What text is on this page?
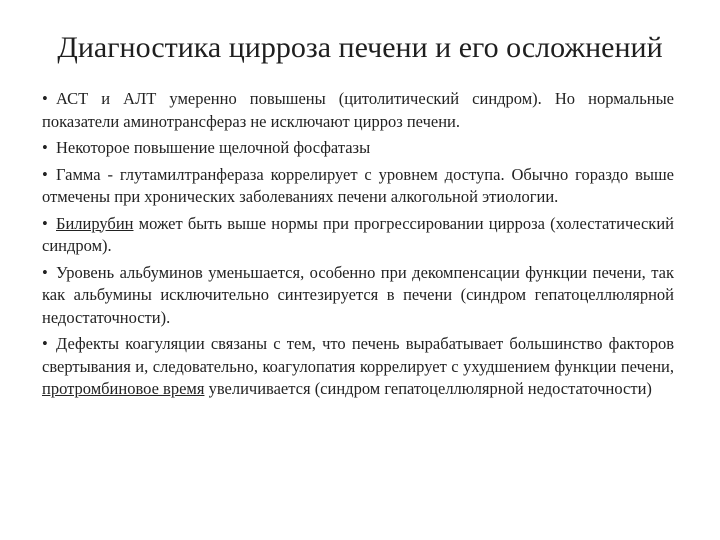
Диагностика цирроза печени и его осложнений

• АСТ и АЛТ умеренно повышены (цитолитический синдром). Но нормальные показатели аминотрансфераз не исключают цирроз печени.

• Некоторое повышение щелочной фосфатазы

• Гамма - глутамилтранфераза коррелирует с уровнем доступа. Обычно гораздо выше отмечены при хронических заболеваниях печени алкогольной этиологии.

• Билирубин может быть выше нормы при прогрессировании цирроза (холестатический синдром).

• Уровень альбуминов уменьшается, особенно при декомпенсации функции печени, так как альбумины исключительно синтезируется в печени (синдром гепатоцеллюлярной недостаточности).

• Дефекты коагуляции связаны с тем, что печень вырабатывает большинство факторов свертывания и, следовательно, коагулопатия коррелирует с ухудшением функции печени, протромбиновое время увеличивается (синдром гепатоцеллюлярной недостаточности)
